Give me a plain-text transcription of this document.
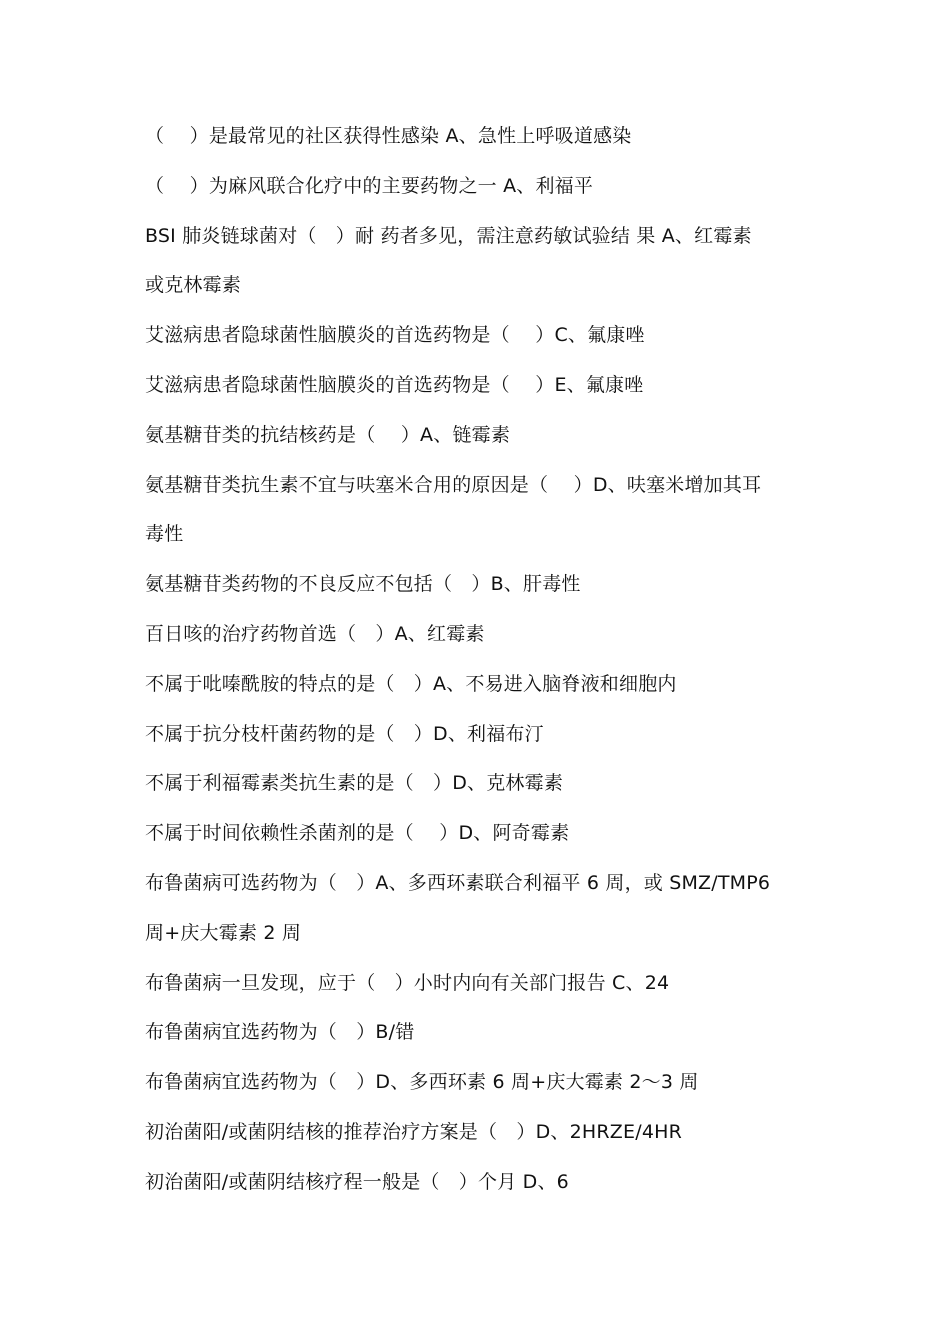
（　 ）是最常见的社区获得性感染 A、急性上呼吸道感染
（　 ）为麻风联合化疗中的主要药物之一 A、利福平
BSI 肺炎链球菌对（　）耐 药者多见，需注意药敏试验结 果 A、红霉素
或克林霉素
艾滋病患者隐球菌性脑膜炎的首选药物是（　 ）C、氟康唑
艾滋病患者隐球菌性脑膜炎的首选药物是（　 ）E、氟康唑
氨基糖苷类的抗结核药是（　 ）A、链霉素
氨基糖苷类抗生素不宜与呋塞米合用的原因是（　 ）D、呋塞米增加其耳
毒性
氨基糖苷类药物的不良反应不包括（　）B、肝毒性
百日咳的治疗药物首选（　）A、红霉素
不属于吡嗪酰胺的特点的是（　）A、不易进入脑脊液和细胞内
不属于抗分枝杆菌药物的是（　）D、利福布汀
不属于利福霉素类抗生素的是（　）D、克林霉素
不属于时间依赖性杀菌剂的是（　 ）D、阿奇霉素
布鲁菌病可选药物为（　）A、多西环素联合利福平 6 周，或 SMZ/TMP6
周+庆大霉素 2 周
布鲁菌病一旦发现，应于（　）小时内向有关部门报告 C、24
布鲁菌病宜选药物为（　）B/错
布鲁菌病宜选药物为（　）D、多西环素 6 周+庆大霉素 2～3 周
初治菌阳/或菌阴结核的推荐治疗方案是（　）D、2HRZE/4HR
初治菌阳/或菌阴结核疗程一般是（　）个月 D、6
